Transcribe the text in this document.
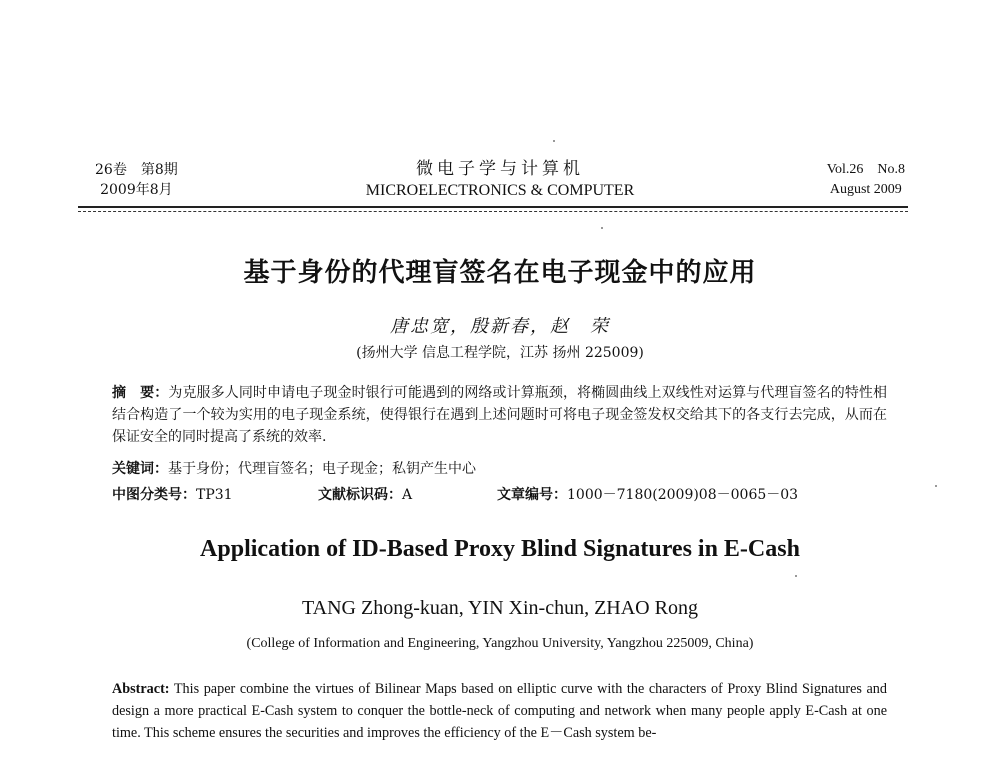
26卷　第8期
2009年8月
微电子学与计算机
MICROELECTRONICS & COMPUTER
Vol.26　No.8
August 2009
基于身份的代理盲签名在电子现金中的应用
唐忠宽，殷新春，赵　荣
(扬州大学 信息工程学院，江苏 扬州 225009)
摘　要：为克服多人同时申请电子现金时银行可能遇到的网络或计算瓶颈，将椭圆曲线上双线性对运算与代理盲签名的特性相结合构造了一个较为实用的电子现金系统，使得银行在遇到上述问题时可将电子现金签发权交给其下的各支行去完成，从而在保证安全的同时提高了系统的效率.
关键词：基于身份；代理盲签名；电子现金；私钥产生中心
中图分类号：TP31	文献标识码：A	文章编号：1000－7180(2009)08－0065－03
Application of ID-Based Proxy Blind Signatures in E-Cash
TANG Zhong-kuan, YIN Xin-chun, ZHAO Rong
(College of Information and Engineering, Yangzhou University, Yangzhou 225009, China)
Abstract: This paper combine the virtues of Bilinear Maps based on elliptic curve with the characters of Proxy Blind Signatures and design a more practical E-Cash system to conquer the bottle-neck of computing and network when many people apply E-Cash at one time. This scheme ensures the securities and improves the efficiency of the E－Cash system be-
